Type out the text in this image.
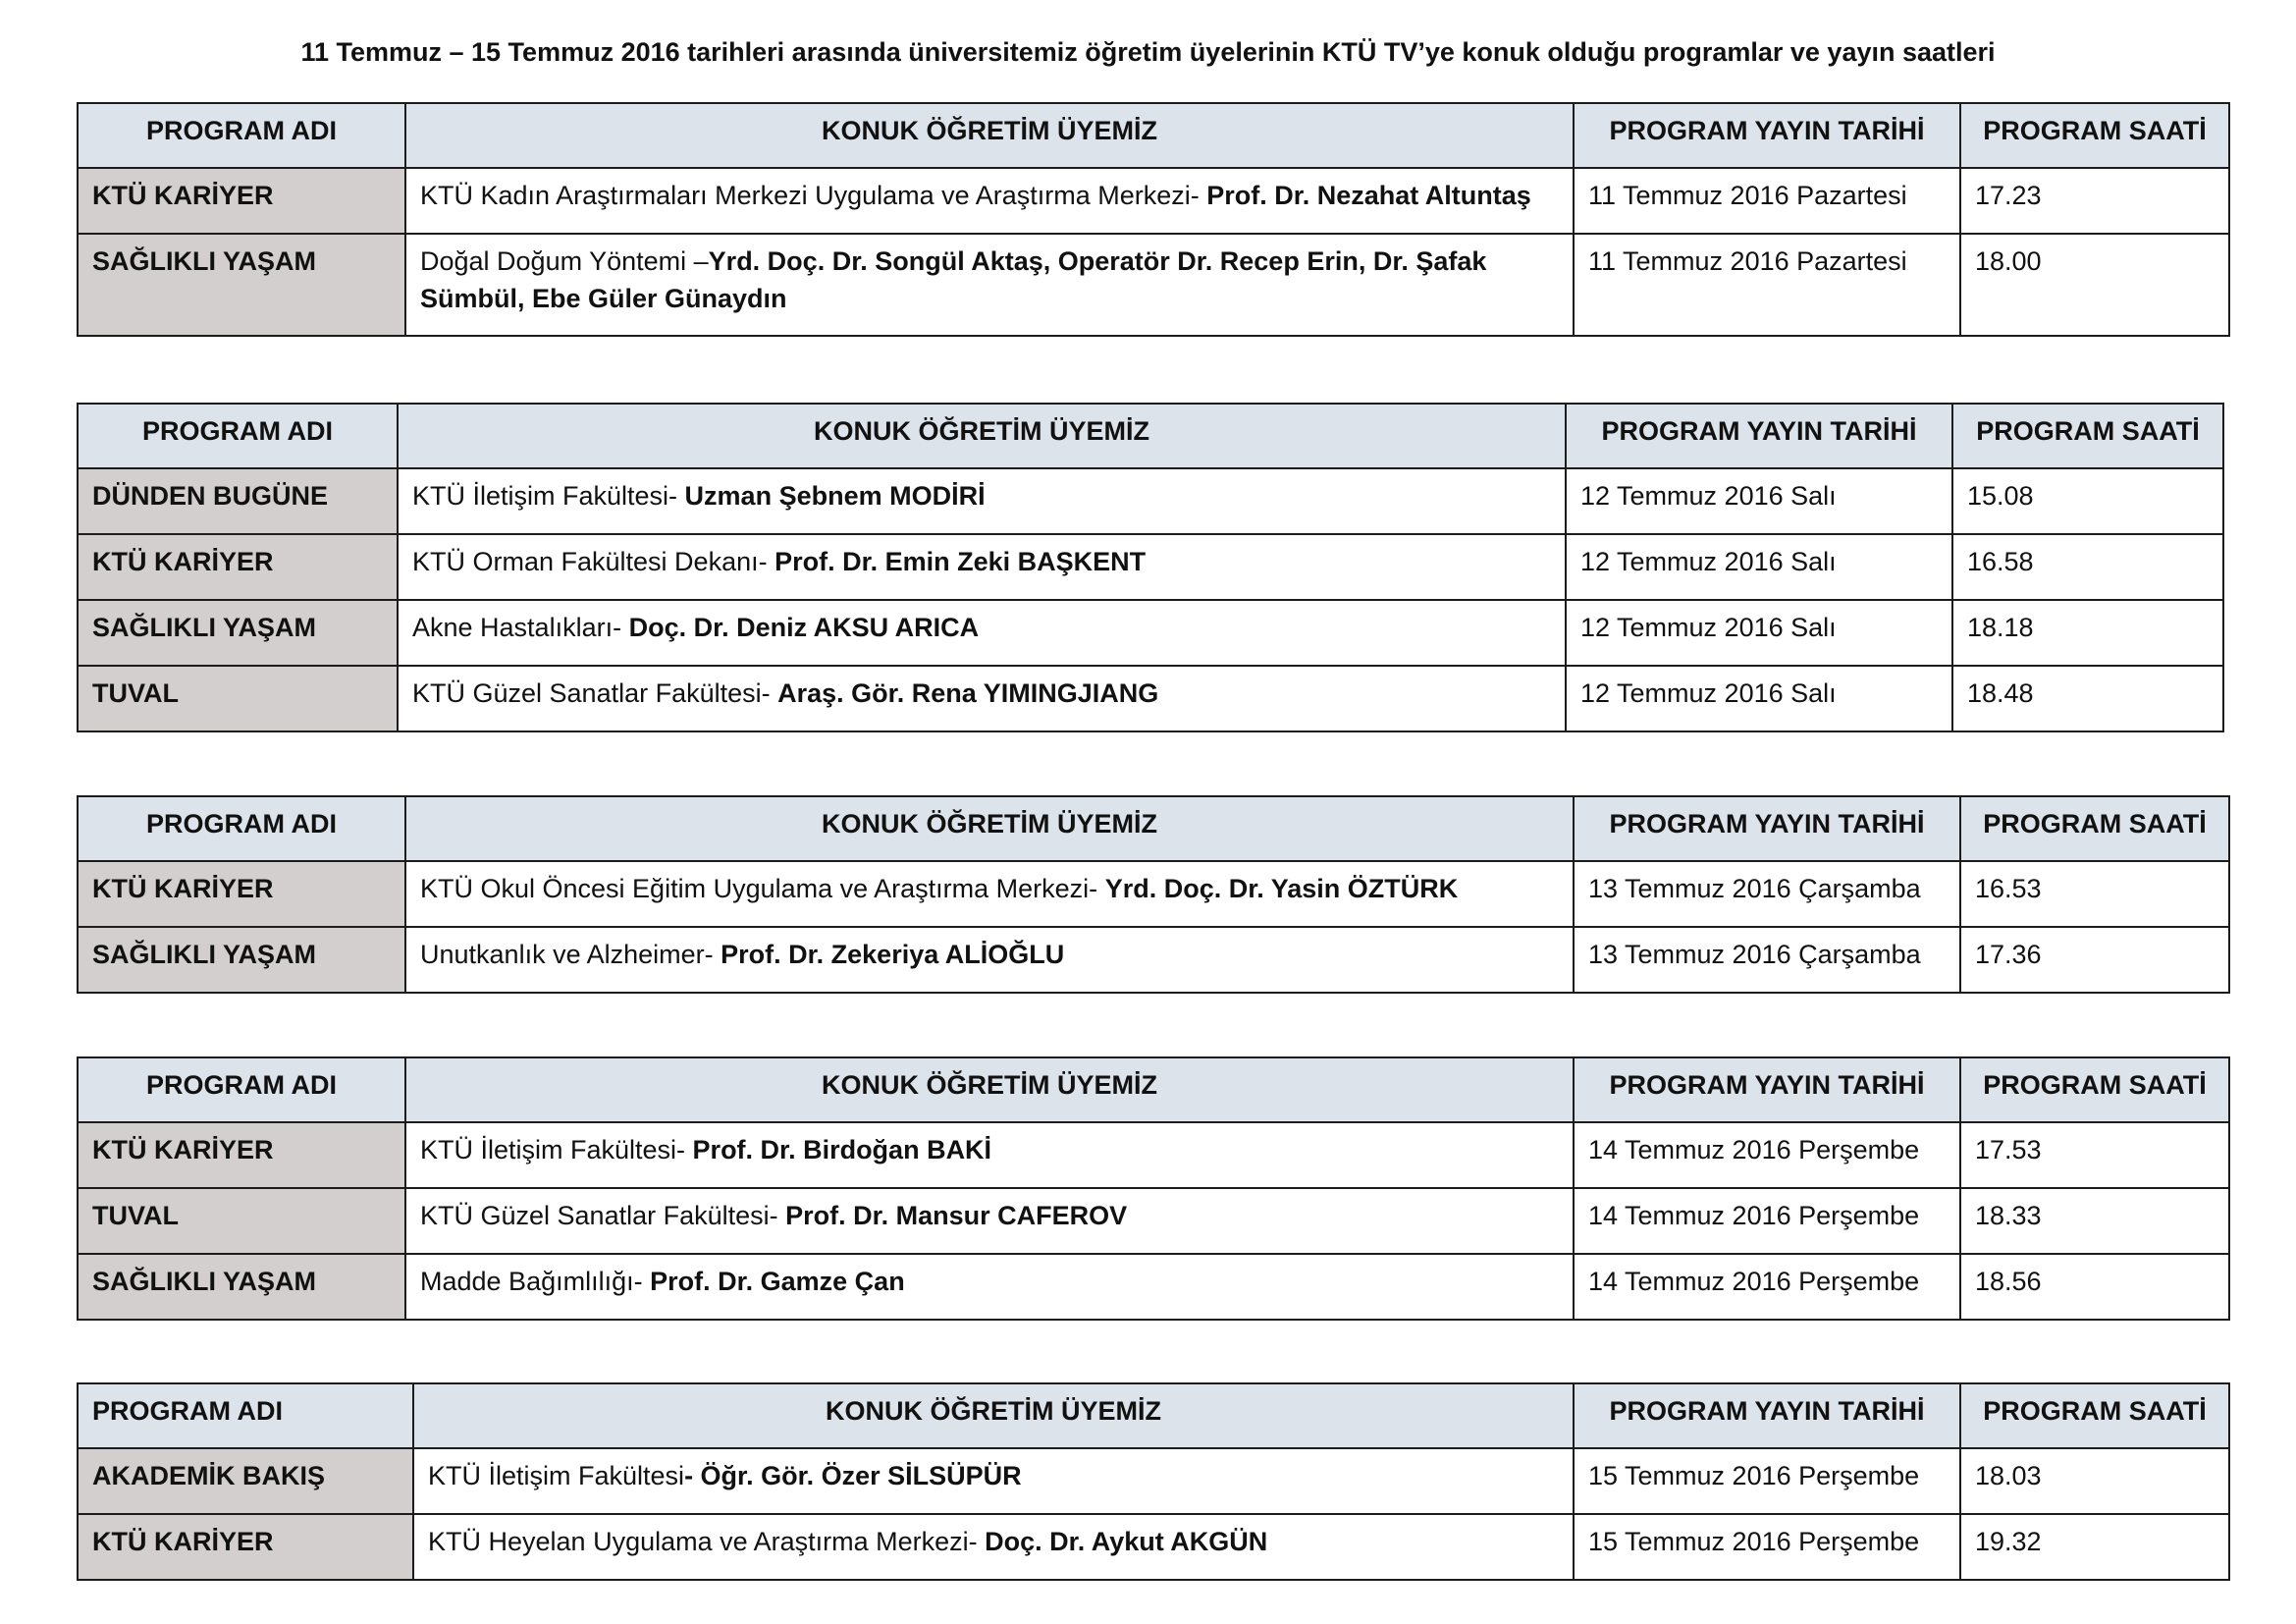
11 Temmuz – 15 Temmuz 2016 tarihleri arasında üniversitemiz öğretim üyelerinin KTÜ TV’ye konuk olduğu programlar ve yayın saatleri
PROGRAM ADI	KONUK ÖĞRETİM ÜYEMİZ	PROGRAM YAYIN TARİHİ	PROGRAM SAATİ
KTÜ KARİYER	KTÜ Kadın Araştırmaları Merkezi Uygulama ve Araştırma Merkezi- Prof. Dr. Nezahat Altuntaş	11 Temmuz 2016 Pazartesi	17.23
SAĞLIKLI YAŞAM	Doğal Doğum Yöntemi –Yrd. Doç. Dr. Songül Aktaş, Operatör Dr. Recep Erin, Dr. Şafak Sümbül, Ebe Güler Günaydın	11 Temmuz 2016 Pazartesi	18.00
PROGRAM ADI	KONUK ÖĞRETİM ÜYEMİZ	PROGRAM YAYIN TARİHİ	PROGRAM SAATİ
DÜNDEN BUGÜNE	KTÜ İletişim Fakültesi- Uzman Şebnem MODİRİ	12 Temmuz 2016 Salı	15.08
KTÜ KARİYER	KTÜ Orman Fakültesi Dekanı- Prof. Dr. Emin Zeki BAŞKENT	12 Temmuz 2016 Salı	16.58
SAĞLIKLI YAŞAM	Akne Hastalıkları- Doç. Dr. Deniz AKSU ARICA	12 Temmuz 2016 Salı	18.18
TUVAL	KTÜ Güzel Sanatlar Fakültesi- Araş. Gör. Rena YIMINGJIANG	12 Temmuz 2016 Salı	18.48
PROGRAM ADI	KONUK ÖĞRETİM ÜYEMİZ	PROGRAM YAYIN TARİHİ	PROGRAM SAATİ
KTÜ KARİYER	KTÜ Okul Öncesi Eğitim Uygulama ve Araştırma Merkezi- Yrd. Doç. Dr. Yasin ÖZTÜRK	13 Temmuz 2016 Çarşamba	16.53
SAĞLIKLI YAŞAM	Unutkanlık ve Alzheimer- Prof. Dr. Zekeriya ALİOĞLU	13 Temmuz 2016 Çarşamba	17.36
PROGRAM ADI	KONUK ÖĞRETİM ÜYEMİZ	PROGRAM YAYIN TARİHİ	PROGRAM SAATİ
KTÜ KARİYER	KTÜ İletişim Fakültesi- Prof. Dr. Birdoğan BAKİ	14 Temmuz 2016 Perşembe	17.53
TUVAL	KTÜ Güzel Sanatlar Fakültesi- Prof. Dr. Mansur CAFEROV	14 Temmuz 2016 Perşembe	18.33
SAĞLIKLI YAŞAM	Madde Bağımlılığı- Prof. Dr. Gamze Çan	14 Temmuz 2016 Perşembe	18.56
PROGRAM ADI	KONUK ÖĞRETİM ÜYEMİZ	PROGRAM YAYIN TARİHİ	PROGRAM SAATİ
AKADEMİK BAKIŞ	KTÜ İletişim Fakültesi- Öğr. Gör. Özer SİLSÜPÜR	15 Temmuz 2016 Perşembe	18.03
KTÜ KARİYER	KTÜ Heyelan Uygulama ve Araştırma Merkezi- Doç. Dr. Aykut AKGÜN	15 Temmuz 2016 Perşembe	19.32
